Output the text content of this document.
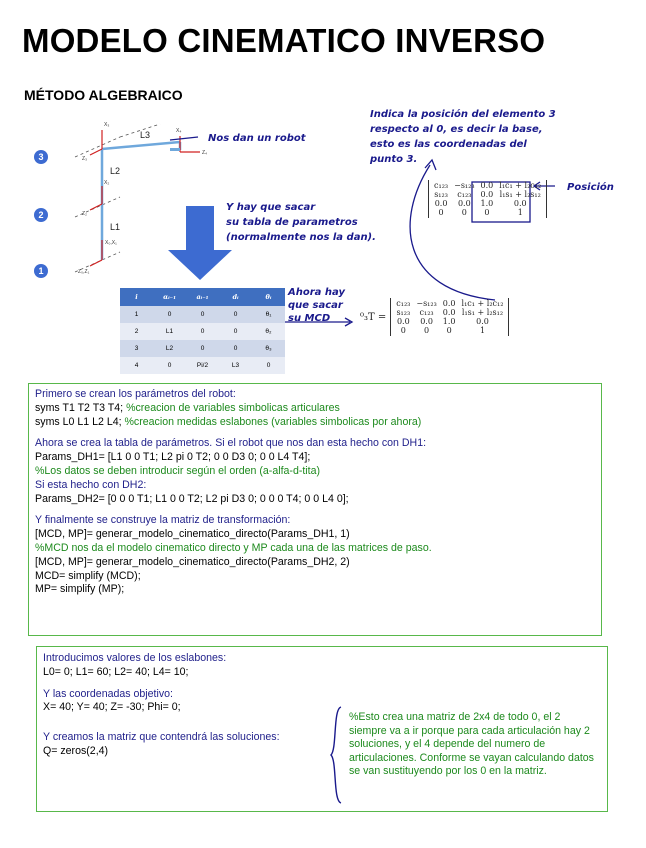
MODELO CINEMATICO INVERSO
MÉTODO ALGEBRAICO
X₃
Z₃
X₂
Z₂
X₀,X₁
Z₀,Z₁
X₄
Z₄
L3
L2
L1
3
2
1
Nos dan un robot
Indica la posición del elemento 3
respecto al 0, es decir la base,
esto es las coordenadas del
punto 3.
Y hay que sacar
su tabla de parametros
(normalmente nos la dan).
Ahora hay
que sacar
su MCD
Posición
c₁₂₃	−s₁₂₃	0.0	l₁c₁ + l₂c₁₂
s₁₂₃	c₁₂₃	0.0	l₁s₁ + l₂s₁₂
0.0	0.0	1.0	0.0
0	0	0	1
⁰₃T =
c₁₂₃	−s₁₂₃	0.0	l₁c₁ + l₂c₁₂
s₁₂₃	c₁₂₃	0.0	l₁s₁ + l₂s₁₂
0.0	0.0	1.0	0.0
0	0	0	1
i	αᵢ₋₁	aᵢ₋₁	dᵢ	θᵢ
1	0	0	0	θ₁
2	L1	0	0	θ₂
3	L2	0	0	θ₃
4	0	Pi/2	L3	0
Primero se crean los parámetros del robot:
syms T1 T2 T3 T4; %creacion de variables simbolicas articulares
syms L0 L1 L2 L4; %creacion medidas eslabones (variables simbolicas por ahora)
Ahora se crea la tabla de parámetros. Si el robot que nos dan esta hecho con DH1:
Params_DH1= [L1 0 0 T1; L2 pi 0 T2; 0 0 D3 0; 0 0 L4 T4];
%Los datos se deben introducir según el orden (a-alfa-d-tita)
Si esta hecho con DH2:
Params_DH2= [0 0 0 T1; L1 0 0 T2; L2 pi D3 0; 0 0 0 T4; 0 0 L4 0];
Y finalmente se construye la matriz de transformación:
[MCD, MP]= generar_modelo_cinematico_directo(Params_DH1, 1)
%MCD nos da el modelo cinematico directo y MP cada una de las matrices de paso.
[MCD, MP]= generar_modelo_cinematico_directo(Params_DH2, 2)
MCD= simplify (MCD);
MP= simplify (MP);
Introducimos valores de los eslabones:
L0= 0; L1= 60; L2= 40; L4= 10;
Y las coordenadas objetivo:
X= 40; Y= 40; Z= -30; Phi= 0;
Y creamos la matriz que contendrá las soluciones:
Q= zeros(2,4)
%Esto crea una matriz de 2x4 de todo 0, el 2 siempre va a ir porque para cada articulación hay 2 soluciones, y el 4 depende del numero de articulaciones. Conforme se vayan calculando datos se van sustituyendo por los 0 en la matriz.
